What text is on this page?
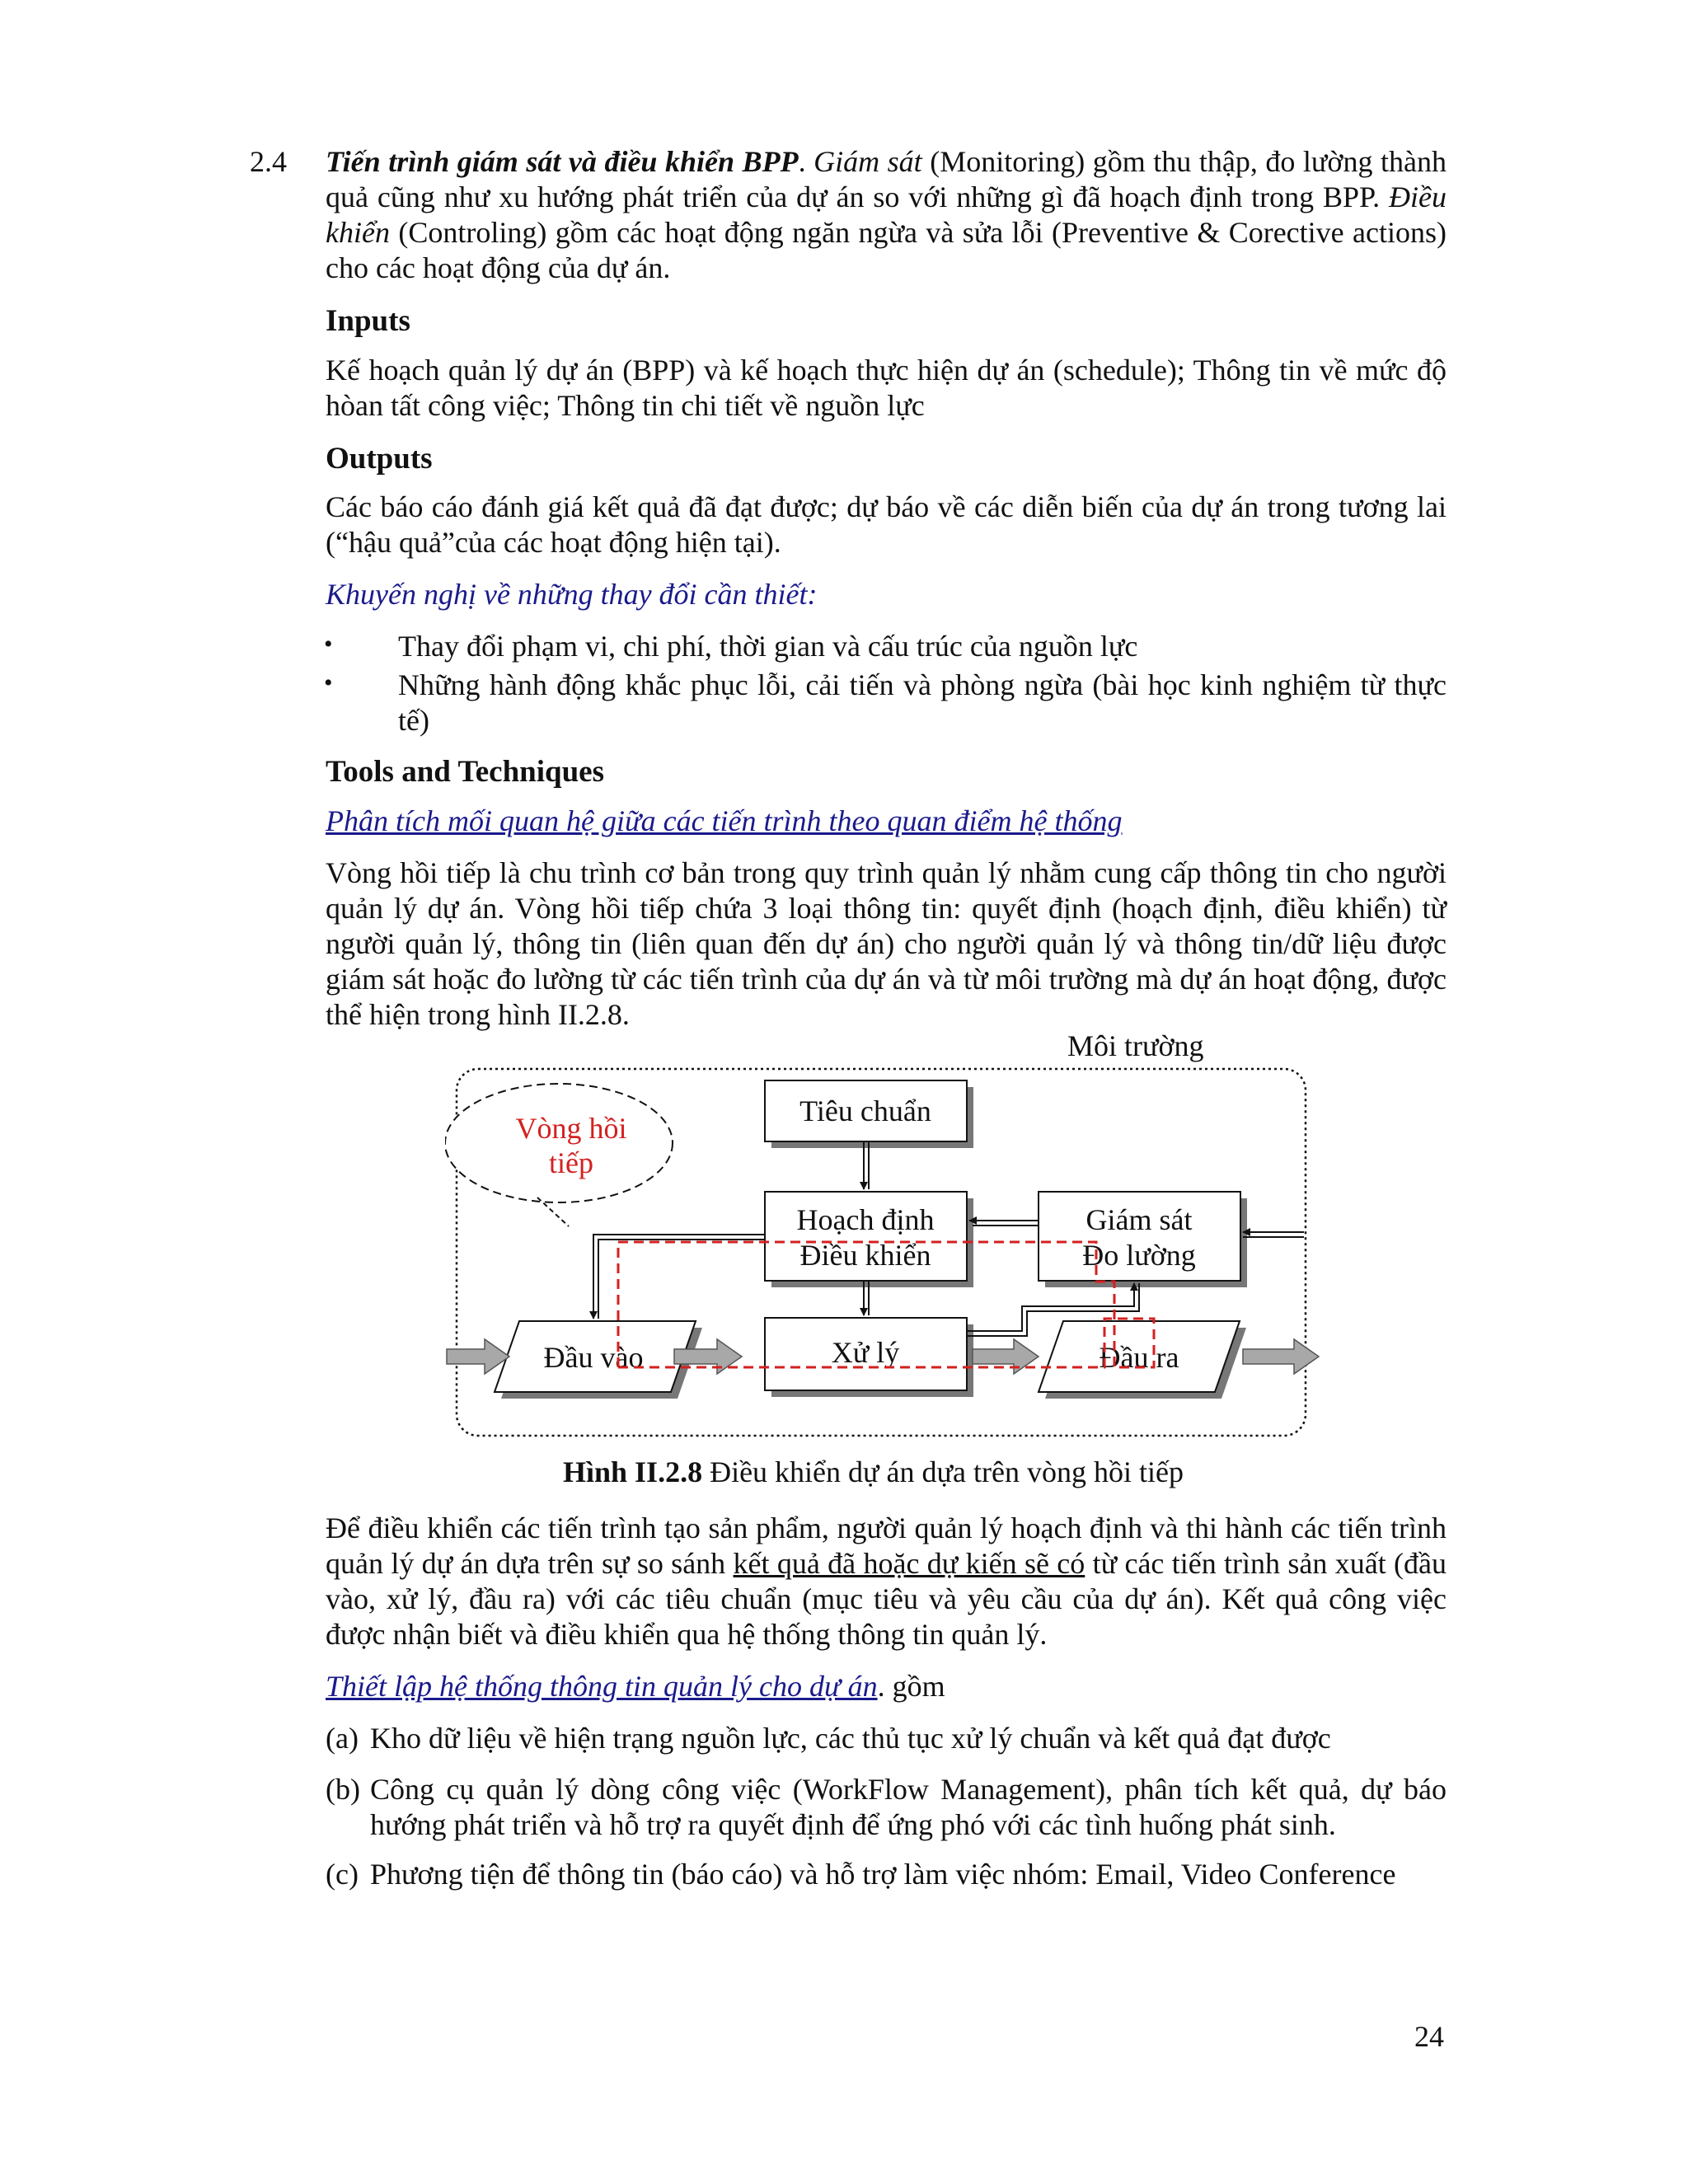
2.4 Tiến trình giám sát và điều khiển BPP. Giám sát (Monitoring) gồm thu thập, đo lường thành quả cũng như xu hướng phát triển của dự án so với những gì đã hoạch định trong BPP. Điều khiển (Controling) gồm các hoạt động ngăn ngừa và sửa lỗi (Preventive & Corective actions) cho các hoạt động của dự án.

Inputs

Kế hoạch quản lý dự án (BPP) và kế hoạch thực hiện dự án (schedule); Thông tin về mức độ hòan tất công việc; Thông tin chi tiết về nguồn lực

Outputs

Các báo cáo đánh giá kết quả đã đạt được; dự báo về các diễn biến của dự án trong tương lai (“hậu quả”của các hoạt động hiện tại).

Khuyến nghị về những thay đổi cần thiết:
• Thay đổi phạm vi, chi phí, thời gian và cấu trúc của nguồn lực

• Những hành động khắc phục lỗi, cải tiến và phòng ngừa (bài học kinh nghiệm từ thực tế)

Tools and Techniques
Phân tích mối quan hệ giữa các tiến trình theo quan điểm hệ thống

Vòng hồi tiếp là chu trình cơ bản trong quy trình quản lý nhằm cung cấp thông tin cho người quản lý dự án. Vòng hồi tiếp chứa 3 loại thông tin: quyết định (hoạch định, điều khiển) từ người quản lý, thông tin (liên quan đến dự án) cho người quản lý và thông tin/dữ liệu được giám sát hoặc đo lường từ các tiến trình của dự án và từ môi trường mà dự án hoạt động, được thể hiện trong hình II.2.8.

Môi trường
Vòng hồi
tiếp
Tiêu chuẩn
Hoạch định
Điều khiển
Giám sát
Đo lường
Xử lý
Đầu vào	Đầu ra
Hình II.2.8 Điều khiển dự án dựa trên vòng hồi tiếp

Để điều khiển các tiến trình tạo sản phẩm, người quản lý hoạch định và thi hành các tiến trình quản lý dự án dựa trên sự so sánh kết quả đã hoặc dự kiến sẽ có từ các tiến trình sản xuất (đầu vào, xử lý, đầu ra) với các tiêu chuẩn (mục tiêu và yêu cầu của dự án). Kết quả công việc được nhận biết và điều khiển qua hệ thống thông tin quản lý.

Thiết lập hệ thống thông tin quản lý cho dự án. gồm
(a) Kho dữ liệu về hiện trạng nguồn lực, các thủ tục xử lý chuẩn và kết quả đạt được

(b) Công cụ quản lý dòng công việc (WorkFlow Management), phân tích kết quả, dự báo hướng phát triển và hỗ trợ ra quyết định để ứng phó với các tình huống phát sinh.

(c) Phương tiện để thông tin (báo cáo) và hỗ trợ làm việc nhóm: Email, Video Conference

24
